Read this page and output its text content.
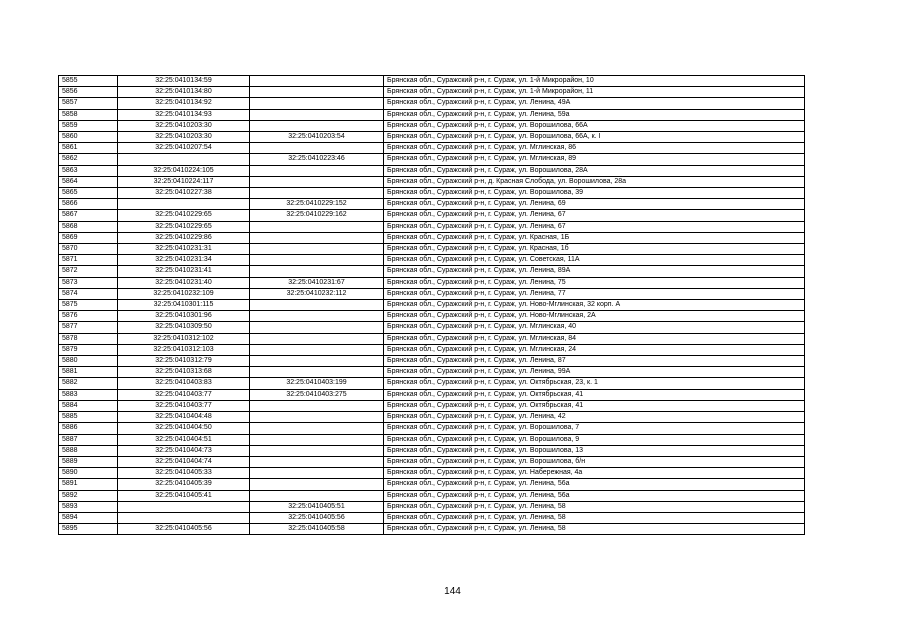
5855	32:25:0410134:59		Брянская обл., Суражский р-н, г. Сураж, ул. 1-й Микрорайон, 10
5856	32:25:0410134:80		Брянская обл., Суражский р-н, г. Сураж, ул. 1-й Микрорайон, 11
5857	32:25:0410134:92		Брянская обл., Суражский р-н, г. Сураж, ул. Ленина, 49А
5858	32:25:0410134:93		Брянская обл., Суражский р-н, г. Сураж, ул. Ленина, 59а
5859	32:25:0410203:30		Брянская обл., Суражский р-н, г. Сураж, ул. Ворошилова, 66А
5860	32:25:0410203:30	32:25:0410203:54	Брянская обл., Суражский р-н, г. Сураж, ул. Ворошилова, 66А, к. I
5861	32:25:0410207:54		Брянская обл., Суражский р-н, г. Сураж, ул. Мглинская, 86
5862		32:25:0410223:46	Брянская обл., Суражский р-н, г. Сураж, ул. Мглинская, 89
5863	32:25:0410224:105		Брянская обл., Суражский р-н, г. Сураж, ул. Ворошилова, 28А
5864	32:25:0410224:117		Брянская обл., Суражский р-н, д. Красная Слобода, ул. Ворошилова, 28а
5865	32:25:0410227:38		Брянская обл., Суражский р-н, г. Сураж, ул. Ворошилова, 39
5866		32:25:0410229:152	Брянская обл., Суражский р-н, г. Сураж, ул. Ленина, 69
5867	32:25:0410229:65	32:25:0410229:162	Брянская обл., Суражский р-н, г. Сураж, ул. Ленина, 67
5868	32:25:0410229:65		Брянская обл., Суражский р-н, г. Сураж, ул. Ленина, 67
5869	32:25:0410229:86		Брянская обл., Суражский р-н, г. Сураж, ул. Красная, 1Б
5870	32:25:0410231:31		Брянская обл., Суражский р-н, г. Сураж, ул. Красная, 1б
5871	32:25:0410231:34		Брянская обл., Суражский р-н, г. Сураж, ул. Советская, 11А
5872	32:25:0410231:41		Брянская обл., Суражский р-н, г. Сураж, ул. Ленина, 89А
5873	32:25:0410231:40	32:25:0410231:67	Брянская обл., Суражский р-н, г. Сураж, ул. Ленина, 75
5874	32:25:0410232:109	32:25:0410232:112	Брянская обл., Суражский р-н, г. Сураж, ул. Ленина, 77
5875	32:25:0410301:115		Брянская обл., Суражский р-н, г. Сураж, ул. Ново-Мглинская, 32 корп. А
5876	32:25:0410301:96		Брянская обл., Суражский р-н, г. Сураж, ул. Ново-Мглинская, 2А
5877	32:25:0410309:50		Брянская обл., Суражский р-н, г. Сураж, ул. Мглинская, 40
5878	32:25:0410312:102		Брянская обл., Суражский р-н, г. Сураж, ул. Мглинская, 84
5879	32:25:0410312:103		Брянская обл., Суражский р-н, г. Сураж, ул. Мглинская, 24
5880	32:25:0410312:79		Брянская обл., Суражский р-н, г. Сураж, ул. Ленина, 87
5881	32:25:0410313:68		Брянская обл., Суражский р-н, г. Сураж, ул. Ленина, 99А
5882	32:25:0410403:83	32:25:0410403:199	Брянская обл., Суражский р-н, г. Сураж, ул. Октябрьская, 23, к. 1
5883	32:25:0410403:77	32:25:0410403:275	Брянская обл., Суражский р-н, г. Сураж, ул. Октябрьская, 41
5884	32:25:0410403:77		Брянская обл., Суражский р-н, г. Сураж, ул. Октябрьская, 41
5885	32:25:0410404:48		Брянская обл., Суражский р-н, г. Сураж, ул. Ленина, 42
5886	32:25:0410404:50		Брянская обл., Суражский р-н, г. Сураж, ул. Ворошилова, 7
5887	32:25:0410404:51		Брянская обл., Суражский р-н, г. Сураж, ул. Ворошилова, 9
5888	32:25:0410404:73		Брянская обл., Суражский р-н, г. Сураж, ул. Ворошилова, 13
5889	32:25:0410404:74		Брянская обл., Суражский р-н, г. Сураж, ул. Ворошилова, б/н
5890	32:25:0410405:33		Брянская обл., Суражский р-н, г. Сураж, ул. Набережная, 4а
5891	32:25:0410405:39		Брянская обл., Суражский р-н, г. Сураж, ул. Ленина, 56а
5892	32:25:0410405:41		Брянская обл., Суражский р-н, г. Сураж, ул. Ленина, 56а
5893		32:25:0410405:51	Брянская обл., Суражский р-н, г. Сураж, ул. Ленина, 58
5894		32:25:0410405:56	Брянская обл., Суражский р-н, г. Сураж, ул. Ленина, 58
5895	32:25:0410405:56	32:25:0410405:58	Брянская обл., Суражский р-н, г. Сураж, ул. Ленина, 58
144
